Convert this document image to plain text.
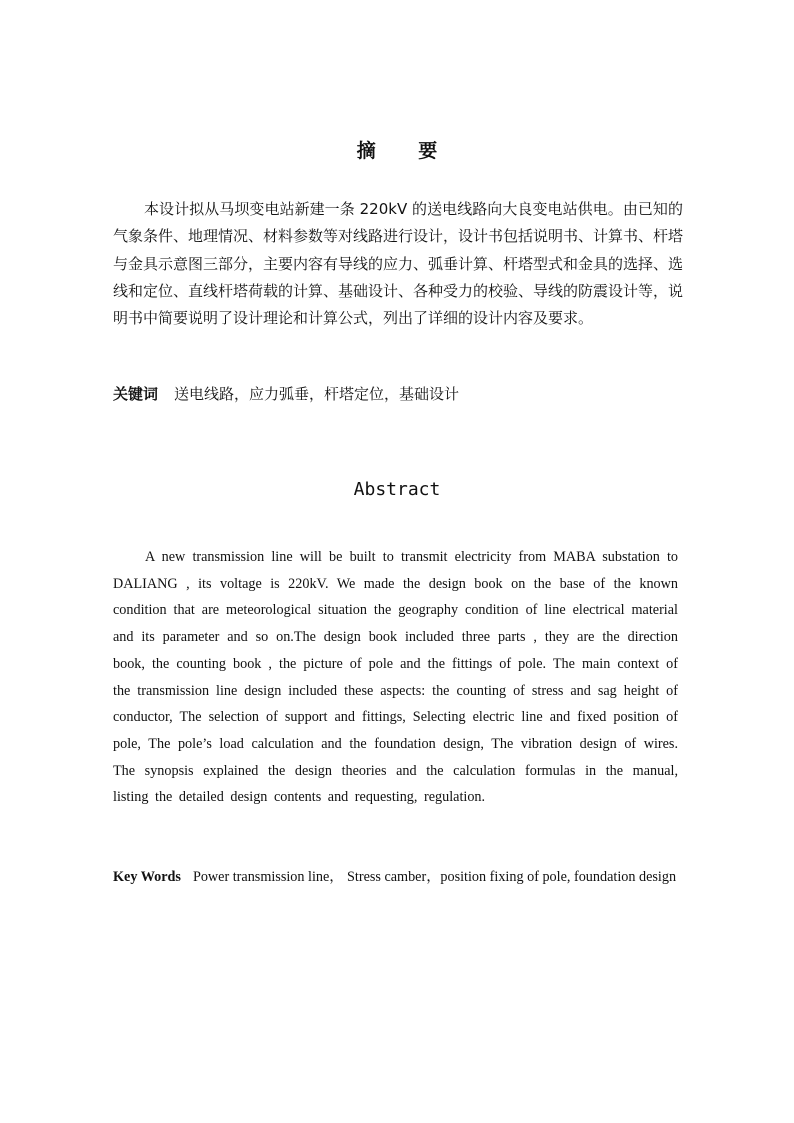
摘 要

本设计拟从马坝变电站新建一条 220kV 的送电线路向大良变电站供电。由已知的气象条件、地理情况、材料参数等对线路进行设计，设计书包括说明书、计算书、杆塔与金具示意图三部分，主要内容有导线的应力、弧垂计算、杆塔型式和金具的选择、选线和定位、直线杆塔荷载的计算、基础设计、各种受力的校验、导线的防震设计等，说明书中简要说明了设计理论和计算公式，列出了详细的设计内容及要求。

关键词 送电线路，应力弧垂，杆塔定位，基础设计
Abstract

A new transmission line will be built to transmit electricity from MABA substation to DALIANG , its voltage is 220kV. We made the design book on the base of the known condition that are meteorological situation the geography condition of line electrical material and its parameter and so on.The design book included three parts , they are the direction book, the counting book , the picture of pole and the fittings of pole. The main context of the transmission line design included these aspects: the counting of stress and sag height of conductor, The selection of support and fittings, Selecting electric line and fixed position of pole, The pole’s load calculation and the foundation design, The vibration design of wires. The synopsis explained the design theories and the calculation formulas in the manual, listing the detailed design contents and requesting, regulation.

Key Words Power transmission line， Stress camber，position fixing of pole, foundation design
